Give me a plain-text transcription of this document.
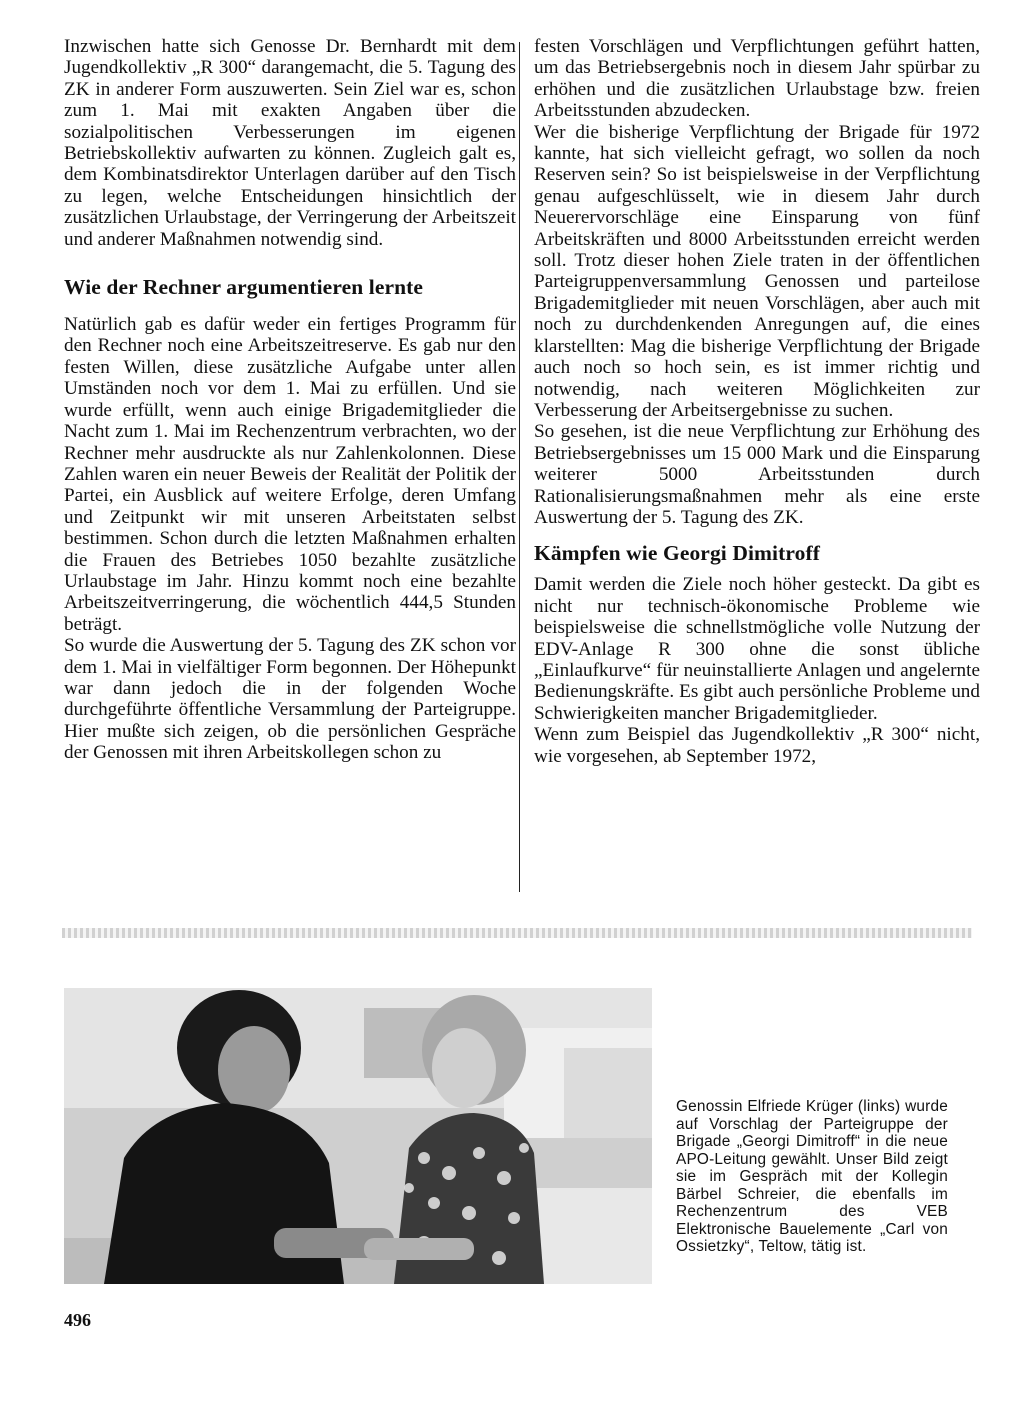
Inzwischen hatte sich Genosse Dr. Bernhardt mit dem Jugendkollektiv „R 300“ darangemacht, die 5. Tagung des ZK in anderer Form auszuwerten. Sein Ziel war es, schon zum 1. Mai mit exakten Angaben über die sozialpolitischen Verbesserungen im eigenen Betriebskollektiv aufwarten zu können. Zugleich galt es, dem Kombinatsdirektor Unterlagen darüber auf den Tisch zu legen, welche Entscheidungen hinsichtlich der zusätzlichen Urlaubstage, der Verringerung der Arbeitszeit und anderer Maßnahmen notwendig sind.

Wie der Rechner argumentieren lernte

Natürlich gab es dafür weder ein fertiges Programm für den Rechner noch eine Arbeitszeitreserve. Es gab nur den festen Willen, diese zusätzliche Aufgabe unter allen Umständen noch vor dem 1. Mai zu erfüllen. Und sie wurde erfüllt, wenn auch einige Brigademitglieder die Nacht zum 1. Mai im Rechenzentrum verbrachten, wo der Rechner mehr ausdruckte als nur Zahlenkolonnen. Diese Zahlen waren ein neuer Beweis der Realität der Politik der Partei, ein Ausblick auf weitere Erfolge, deren Umfang und Zeitpunkt wir mit unseren Arbeitstaten selbst bestimmen. Schon durch die letzten Maßnahmen erhalten die Frauen des Betriebes 1050 bezahlte zusätzliche Urlaubstage im Jahr. Hinzu kommt noch eine bezahlte Arbeitszeitverringerung, die wöchentlich 444,5 Stunden beträgt.

So wurde die Auswertung der 5. Tagung des ZK schon vor dem 1. Mai in vielfältiger Form begonnen. Der Höhepunkt war dann jedoch die in der folgenden Woche durchgeführte öffentliche Versammlung der Parteigruppe. Hier mußte sich zeigen, ob die persönlichen Gespräche der Genossen mit ihren Arbeitskollegen schon zu

festen Vorschlägen und Verpflichtungen geführt hatten, um das Betriebsergebnis noch in diesem Jahr spürbar zu erhöhen und die zusätzlichen Urlaubstage bzw. freien Arbeitsstunden abzudecken.

Wer die bisherige Verpflichtung der Brigade für 1972 kannte, hat sich vielleicht gefragt, wo sollen da noch Reserven sein? So ist beispielsweise in der Verpflichtung genau aufgeschlüsselt, wie in diesem Jahr durch Neuerervorschläge eine Einsparung von fünf Arbeitskräften und 8000 Arbeitsstunden erreicht werden soll. Trotz dieser hohen Ziele traten in der öffentlichen Parteigruppenversammlung Genossen und parteilose Brigademitglieder mit neuen Vorschlägen, aber auch mit noch zu durchdenkenden Anregungen auf, die eines klarstellten: Mag die bisherige Verpflichtung der Brigade auch noch so hoch sein, es ist immer richtig und notwendig, nach weiteren Möglichkeiten zur Verbesserung der Arbeitsergebnisse zu suchen.

So gesehen, ist die neue Verpflichtung zur Erhöhung des Betriebsergebnisses um 15 000 Mark und die Einsparung weiterer 5000 Arbeitsstunden durch Rationalisierungsmaßnahmen mehr als eine erste Auswertung der 5. Tagung des ZK.

Kämpfen wie Georgi Dimitroff

Damit werden die Ziele noch höher gesteckt. Da gibt es nicht nur technisch-ökonomische Probleme wie beispielsweise die schnellstmögliche volle Nutzung der EDV-Anlage R 300 ohne die sonst übliche „Einlaufkurve“ für neuinstallierte Anlagen und angelernte Bedienungskräfte. Es gibt auch persönliche Probleme und Schwierigkeiten mancher Brigademitglieder.

Wenn zum Beispiel das Jugendkollektiv „R 300“ nicht, wie vorgesehen, ab September 1972,

Genossin Elfriede Krüger (links) wurde auf Vorschlag der Parteigruppe der Brigade „Georgi Dimitroff“ in die neue APO-Leitung gewählt. Unser Bild zeigt sie im Gespräch mit der Kollegin Bärbel Schreier, die ebenfalls im Rechenzentrum des VEB Elektronische Bauelemente „Carl von Ossietzky“, Teltow, tätig ist.
496
